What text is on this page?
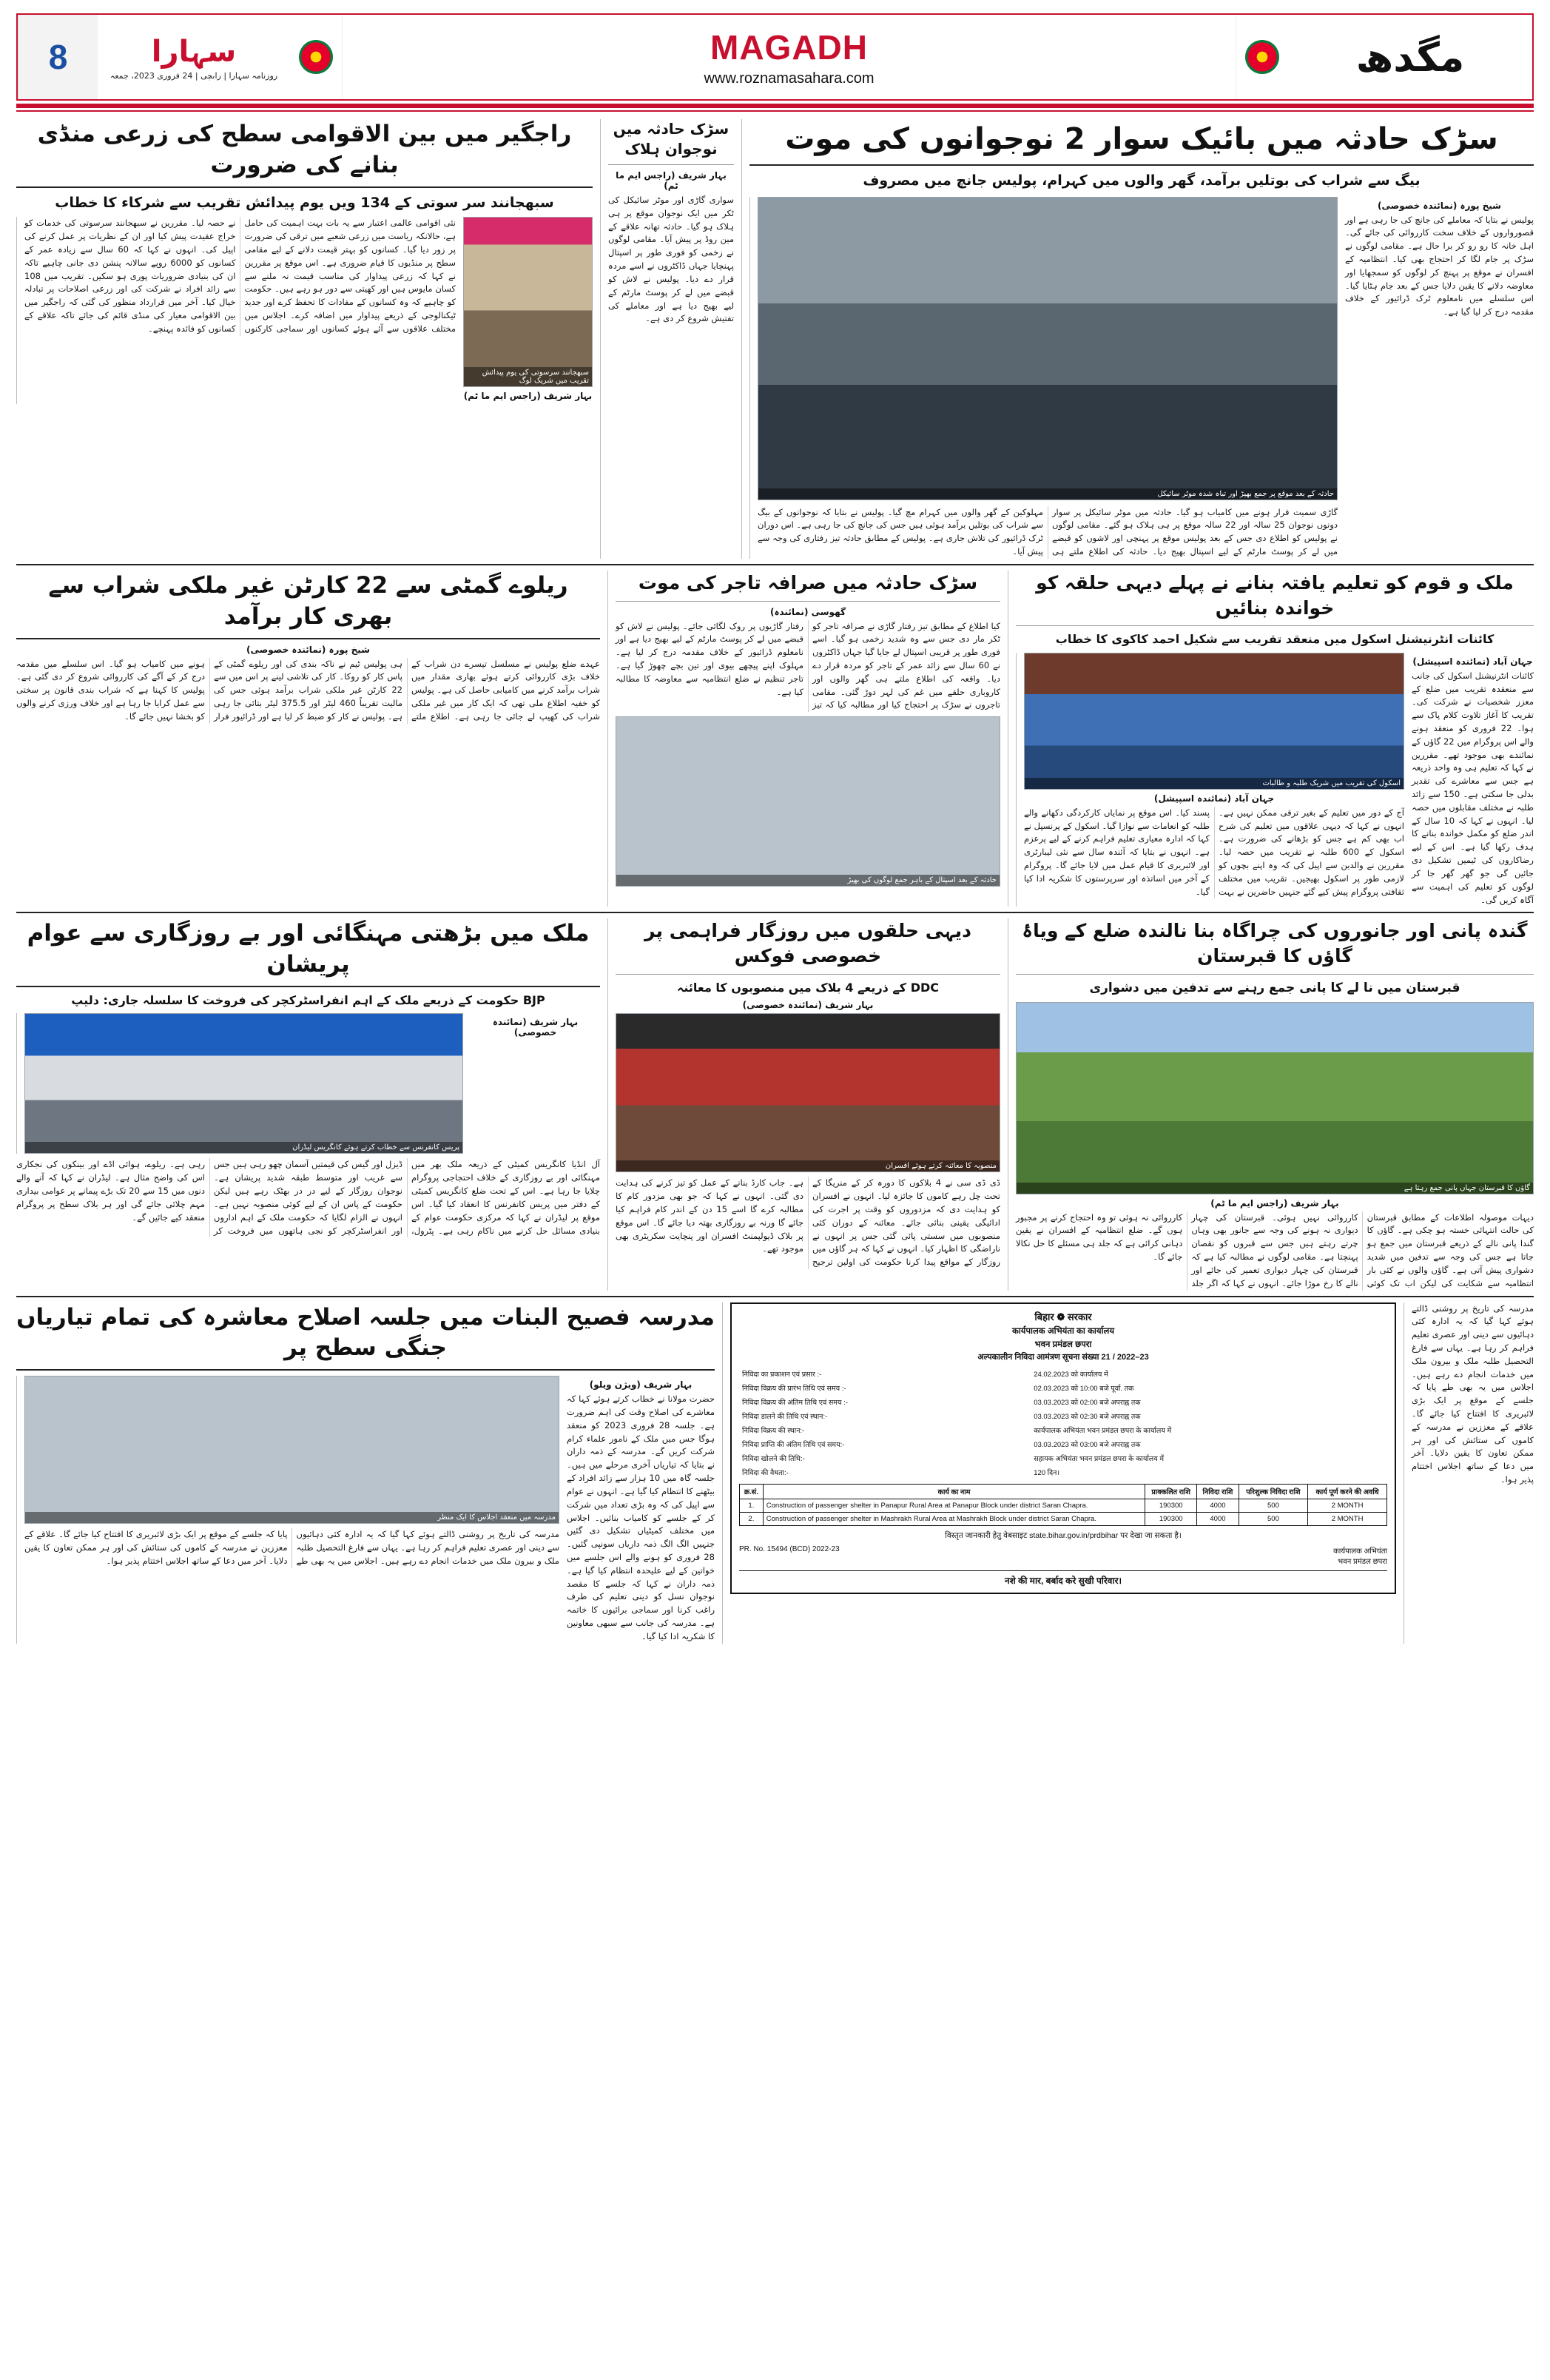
8	سہارا
روزنامہ سہارا | راںچی | 24 فروری 2023، جمعہ
MAGADH
www.roznamasahara.com	مگدھ
سڑک حادثہ میں بائیک سوار 2 نوجوانوں کی موت
بیگ سے شراب کی بوتلیں برآمد، گھر والوں میں کہرام، پولیس جانچ میں مصروف
شیخ پورہ (نمائندہ خصوصی)
پولیس نے بتایا کہ معاملے کی جانچ کی جا رہی ہے اور قصورواروں کے خلاف سخت کارروائی کی جائے گی۔ اہل خانہ کا رو رو کر برا حال ہے۔ مقامی لوگوں نے سڑک پر جام لگا کر احتجاج بھی کیا۔ انتظامیہ کے افسران نے موقع پر پہنچ کر لوگوں کو سمجھایا اور معاوضہ دلانے کا یقین دلایا جس کے بعد جام ہٹایا گیا۔ اس سلسلے میں نامعلوم ٹرک ڈرائیور کے خلاف مقدمہ درج کر لیا گیا ہے۔
حادثہ کے بعد موقع پر جمع بھیڑ اور تباہ شدہ موٹر سائیکل
گاڑی سمیت فرار ہونے میں کامیاب ہو گیا۔ حادثہ میں موٹر سائیکل پر سوار دونوں نوجوان 25 سالہ اور 22 سالہ موقع پر ہی ہلاک ہو گئے۔ مقامی لوگوں نے پولیس کو اطلاع دی جس کے بعد پولیس موقع پر پہنچی اور لاشوں کو قبضے میں لے کر پوسٹ مارٹم کے لیے اسپتال بھیج دیا۔ حادثہ کی اطلاع ملتے ہی مہلوکین کے گھر والوں میں کہرام مچ گیا۔ پولیس نے بتایا کہ نوجوانوں کے بیگ سے شراب کی بوتلیں برآمد ہوئی ہیں جس کی جانچ کی جا رہی ہے۔ اس دوران ٹرک ڈرائیور کی تلاش جاری ہے۔ پولیس کے مطابق حادثہ تیز رفتاری کی وجہ سے پیش آیا۔
سڑک حادثہ میں نوجوان ہلاک
بہار شریف (راجس ایم ما ٹم)
سواری گاڑی اور موٹر سائیکل کی ٹکر میں ایک نوجوان موقع پر ہی ہلاک ہو گیا۔ حادثہ تھانہ علاقے کے مین روڈ پر پیش آیا۔ مقامی لوگوں نے زخمی کو فوری طور پر اسپتال پہنچایا جہاں ڈاکٹروں نے اسے مردہ قرار دے دیا۔ پولیس نے لاش کو قبضے میں لے کر پوسٹ مارٹم کے لیے بھیج دیا ہے اور معاملے کی تفتیش شروع کر دی ہے۔
راجگیر میں بین الاقوامی سطح کی زرعی منڈی بنانے کی ضرورت
سبھجانند سر سوتی کے 134 ویں یوم پیدائش تقریب سے شرکاء کا خطاب
سبھجانند سرسوتی کی یوم پیدائش تقریب میں شریک لوگ
بہار شریف (راجس ایم ما ٹم)
نئی اقوامی عالمی اعتبار سے یہ بات بہت اہمیت کی حامل ہے، حالانکہ ریاست میں زرعی شعبے میں ترقی کی ضرورت پر زور دیا گیا۔ کسانوں کو بہتر قیمت دلانے کے لیے مقامی سطح پر منڈیوں کا قیام ضروری ہے۔ اس موقع پر مقررین نے کہا کہ زرعی پیداوار کی مناسب قیمت نہ ملنے سے کسان مایوس ہیں اور کھیتی سے دور ہو رہے ہیں۔ حکومت کو چاہیے کہ وہ کسانوں کے مفادات کا تحفظ کرے اور جدید ٹیکنالوجی کے ذریعے پیداوار میں اضافہ کرے۔ اجلاس میں مختلف علاقوں سے آئے ہوئے کسانوں اور سماجی کارکنوں نے حصہ لیا۔ مقررین نے سبھجانند سرسوتی کی خدمات کو خراج عقیدت پیش کیا اور ان کے نظریات پر عمل کرنے کی اپیل کی۔ انہوں نے کہا کہ 60 سال سے زیادہ عمر کے کسانوں کو 6000 روپے سالانہ پنشن دی جانی چاہیے تاکہ ان کی بنیادی ضروریات پوری ہو سکیں۔ تقریب میں 108 سے زائد افراد نے شرکت کی اور زرعی اصلاحات پر تبادلہ خیال کیا۔ آخر میں قرارداد منظور کی گئی کہ راجگیر میں بین الاقوامی معیار کی منڈی قائم کی جائے تاکہ علاقے کے کسانوں کو فائدہ پہنچے۔
ملک و قوم کو تعلیم یافتہ بنانے نے پہلے دیہی حلقہ کو خواندہ بنائیں
کائنات انٹرنیشنل اسکول میں منعقد تقریب سے شکیل احمد کاکوی کا خطاب
جہان آباد (نمائندہ اسپیشل)
کائنات انٹرنیشنل اسکول کی جانب سے منعقدہ تقریب میں ضلع کے معزز شخصیات نے شرکت کی۔ تقریب کا آغاز تلاوت کلام پاک سے ہوا۔ 22 فروری کو منعقد ہونے والے اس پروگرام میں 22 گاؤں کے نمائندے بھی موجود تھے۔ مقررین نے کہا کہ تعلیم ہی وہ واحد ذریعہ ہے جس سے معاشرے کی تقدیر بدلی جا سکتی ہے۔ 150 سے زائد طلبہ نے مختلف مقابلوں میں حصہ لیا۔ انہوں نے کہا کہ 10 سال کے اندر ضلع کو مکمل خواندہ بنانے کا ہدف رکھا گیا ہے۔ اس کے لیے رضاکاروں کی ٹیمیں تشکیل دی جائیں گی جو گھر گھر جا کر لوگوں کو تعلیم کی اہمیت سے آگاہ کریں گی۔
اسکول کی تقریب میں شریک طلبہ و طالبات
جہان آباد (نمائندہ اسپیشل)
آج کے دور میں تعلیم کے بغیر ترقی ممکن نہیں ہے۔ انہوں نے کہا کہ دیہی علاقوں میں تعلیم کی شرح اب بھی کم ہے جس کو بڑھانے کی ضرورت ہے۔ اسکول کے 600 طلبہ نے تقریب میں حصہ لیا۔ مقررین نے والدین سے اپیل کی کہ وہ اپنے بچوں کو لازمی طور پر اسکول بھیجیں۔ تقریب میں مختلف ثقافتی پروگرام پیش کیے گئے جنہیں حاضرین نے بہت پسند کیا۔ اس موقع پر نمایاں کارکردگی دکھانے والے طلبہ کو انعامات سے نوازا گیا۔ اسکول کے پرنسپل نے کہا کہ ادارہ معیاری تعلیم فراہم کرنے کے لیے پرعزم ہے۔ انہوں نے بتایا کہ آئندہ سال سے نئی لیبارٹری اور لائبریری کا قیام عمل میں لایا جائے گا۔ پروگرام کے آخر میں اساتذہ اور سرپرستوں کا شکریہ ادا کیا گیا۔
سڑک حادثہ میں صرافہ تاجر کی موت
گھوسی (نمائندہ)
کیا اطلاع کے مطابق تیز رفتار گاڑی نے صرافہ تاجر کو ٹکر مار دی جس سے وہ شدید زخمی ہو گیا۔ اسے فوری طور پر قریبی اسپتال لے جایا گیا جہاں ڈاکٹروں نے 60 سال سے زائد عمر کے تاجر کو مردہ قرار دے دیا۔ واقعہ کی اطلاع ملتے ہی گھر والوں اور کاروباری حلقے میں غم کی لہر دوڑ گئی۔ مقامی تاجروں نے سڑک پر احتجاج کیا اور مطالبہ کیا کہ تیز رفتار گاڑیوں پر روک لگائی جائے۔ پولیس نے لاش کو قبضے میں لے کر پوسٹ مارٹم کے لیے بھیج دیا ہے اور نامعلوم ڈرائیور کے خلاف مقدمہ درج کر لیا ہے۔ مہلوک اپنے پیچھے بیوی اور تین بچے چھوڑ گیا ہے۔ تاجر تنظیم نے ضلع انتظامیہ سے معاوضہ کا مطالبہ کیا ہے۔
حادثہ کے بعد اسپتال کے باہر جمع لوگوں کی بھیڑ
ریلوے گمٹی سے 22 کارٹن غیر ملکی شراب سے بھری کار برآمد
شیخ پورہ (نمائندہ خصوصی)
عہدے ضلع پولیس نے مسلسل تیسرے دن شراب کے خلاف بڑی کارروائی کرتے ہوئے بھاری مقدار میں شراب برآمد کرنے میں کامیابی حاصل کی ہے۔ پولیس کو خفیہ اطلاع ملی تھی کہ ایک کار میں غیر ملکی شراب کی کھیپ لے جائی جا رہی ہے۔ اطلاع ملتے ہی پولیس ٹیم نے ناکہ بندی کی اور ریلوے گمٹی کے پاس کار کو روکا۔ کار کی تلاشی لینے پر اس میں سے 22 کارٹن غیر ملکی شراب برآمد ہوئی جس کی مالیت تقریباً 460 لیٹر اور 375.5 لیٹر بتائی جا رہی ہے۔ پولیس نے کار کو ضبط کر لیا ہے اور ڈرائیور فرار ہونے میں کامیاب ہو گیا۔ اس سلسلے میں مقدمہ درج کر کے آگے کی کارروائی شروع کر دی گئی ہے۔ پولیس کا کہنا ہے کہ شراب بندی قانون پر سختی سے عمل کرایا جا رہا ہے اور خلاف ورزی کرنے والوں کو بخشا نہیں جائے گا۔
گندہ پانی اور جانوروں کی چراگاہ بنا نالندہ ضلع کے ویاۂ گاؤں کا قبرستان
قبرستان میں نا لے کا پانی جمع رہنے سے تدفین میں دشواری
گاؤں کا قبرستان جہاں پانی جمع رہتا ہے
بہار شریف (راجس ایم ما ٹم)
دیہات موصولہ اطلاعات کے مطابق قبرستان کی حالت انتہائی خستہ ہو چکی ہے۔ گاؤں کا گندا پانی نالے کے ذریعے قبرستان میں جمع ہو جاتا ہے جس کی وجہ سے تدفین میں شدید دشواری پیش آتی ہے۔ گاؤں والوں نے کئی بار انتظامیہ سے شکایت کی لیکن اب تک کوئی کارروائی نہیں ہوئی۔ قبرستان کی چہار دیواری نہ ہونے کی وجہ سے جانور بھی وہاں چرتے رہتے ہیں جس سے قبروں کو نقصان پہنچتا ہے۔ مقامی لوگوں نے مطالبہ کیا ہے کہ قبرستان کی چہار دیواری تعمیر کی جائے اور نالے کا رخ موڑا جائے۔ انہوں نے کہا کہ اگر جلد کارروائی نہ ہوئی تو وہ احتجاج کرنے پر مجبور ہوں گے۔ ضلع انتظامیہ کے افسران نے یقین دہانی کرائی ہے کہ جلد ہی مسئلے کا حل نکالا جائے گا۔
دیہی حلقوں میں روزگار فراہمی پر خصوصی فوکس
DDC کے ذریعے 4 بلاک میں منصوبوں کا معائنہ
بہار شریف (نمائندہ خصوصی)
منصوبہ کا معائنہ کرتے ہوئے افسران
ڈی ڈی سی نے 4 بلاکوں کا دورہ کر کے منریگا کے تحت چل رہے کاموں کا جائزہ لیا۔ انہوں نے افسران کو ہدایت دی کہ مزدوروں کو وقت پر اجرت کی ادائیگی یقینی بنائی جائے۔ معائنہ کے دوران کئی منصوبوں میں سستی پائی گئی جس پر انہوں نے ناراضگی کا اظہار کیا۔ انہوں نے کہا کہ ہر گاؤں میں روزگار کے مواقع پیدا کرنا حکومت کی اولین ترجیح ہے۔ جاب کارڈ بنانے کے عمل کو تیز کرنے کی ہدایت دی گئی۔ انہوں نے کہا کہ جو بھی مزدور کام کا مطالبہ کرے گا اسے 15 دن کے اندر کام فراہم کیا جائے گا ورنہ بے روزگاری بھتہ دیا جائے گا۔ اس موقع پر بلاک ڈیولپمنٹ افسران اور پنچایت سکریٹری بھی موجود تھے۔
ملک میں بڑھتی مہنگائی اور بے روزگاری سے عوام پریشان
BJP حکومت کے ذریعے ملک کے اہم انفراسٹرکچر کی فروخت کا سلسلہ جاری: دلیپ
بہار شریف (نمائندہ خصوصی)
پریس کانفرنس سے خطاب کرتے ہوئے کانگریس لیڈران
آل انڈیا کانگریس کمیٹی کے ذریعہ ملک بھر میں مہنگائی اور بے روزگاری کے خلاف احتجاجی پروگرام چلایا جا رہا ہے۔ اس کے تحت ضلع کانگریس کمیٹی کے دفتر میں پریس کانفرنس کا انعقاد کیا گیا۔ اس موقع پر لیڈران نے کہا کہ مرکزی حکومت عوام کے بنیادی مسائل حل کرنے میں ناکام رہی ہے۔ پٹرول، ڈیزل اور گیس کی قیمتیں آسمان چھو رہی ہیں جس سے غریب اور متوسط طبقہ شدید پریشان ہے۔ نوجوان روزگار کے لیے در در بھٹک رہے ہیں لیکن حکومت کے پاس ان کے لیے کوئی منصوبہ نہیں ہے۔ انہوں نے الزام لگایا کہ حکومت ملک کے اہم اداروں اور انفراسٹرکچر کو نجی ہاتھوں میں فروخت کر رہی ہے۔ ریلوے، ہوائی اڈے اور بینکوں کی نجکاری اس کی واضح مثال ہے۔ لیڈران نے کہا کہ آنے والے دنوں میں 15 سے 20 تک بڑے پیمانے پر عوامی بیداری مہم چلائی جائے گی اور ہر بلاک سطح پر پروگرام منعقد کیے جائیں گے۔
مدرسہ کی تاریخ پر روشنی ڈالتے ہوئے کہا گیا کہ یہ ادارہ کئی دہائیوں سے دینی اور عصری تعلیم فراہم کر رہا ہے۔ یہاں سے فارغ التحصیل طلبہ ملک و بیرون ملک میں خدمات انجام دے رہے ہیں۔ اجلاس میں یہ بھی طے پایا کہ جلسے کے موقع پر ایک بڑی لائبریری کا افتتاح کیا جائے گا۔ علاقے کے معززین نے مدرسہ کے کاموں کی ستائش کی اور ہر ممکن تعاون کا یقین دلایا۔ آخر میں دعا کے ساتھ اجلاس اختتام پذیر ہوا۔
बिहार ❁ सरकार
कार्यपालक अभियंता का कार्यालय
भवन प्रमंडल छपरा
अल्पकालीन निविदा आमंत्रण सूचना संख्या 21 / 2022–23
निविदा का प्रकाशन एवं प्रसार :-	24.02.2023 को कार्यालय में
निविदा विक्रय की प्रारंभ तिथि एवं समय :-	02.03.2023 को 10:00 बजे पूर्वा. तक
निविदा विक्रय की अंतिम तिथि एवं समय :-	03.03.2023 को 02:00 बजे अपराह्न तक
निविदा डालने की तिथि एवं स्थान:-	03.03.2023 को 02:30 बजे अपराह्न तक
निविदा विक्रय की स्थान:-	कार्यपालक अभियंता भवन प्रमंडल छपरा के कार्यालय में
निविदा प्राप्ति की अंतिम तिथि एवं समय:-	03.03.2023 को 03:00 बजे अपराह्न तक
निविदा खोलने की तिथि:-	सहायक अभियंता भवन प्रमंडल छपरा के कार्यालय में
निविदा की वैधता:-	120 दिन।
क्र.सं.	कार्य का नाम	प्राक्कलित राशि	निविदा राशि	परिशुल्क निविदा राशि	कार्य पूर्ण करने की अवधि
1.	Construction of passenger shelter in Panapur Rural Area at Panapur Block under district Saran Chapra.	190300	4000	500	2 MONTH
2.	Construction of passenger shelter in Mashrakh Rural Area at Mashrakh Block under district Saran Chapra.	190300	4000	500	2 MONTH
विस्तृत जानकारी हेतु वेबसाइट state.bihar.gov.in/prdbihar पर देखा जा सकता है।
PR. No. 15494 (BCD) 2022-23	कार्यपालक अभियंता
भवन प्रमंडल छपरा
नशे की मार, बर्बाद करे सुखी परिवार।
مدرسہ فصیح البنات میں جلسہ اصلاح معاشرہ کی تمام تیاریاں جنگی سطح پر
بہار شریف (ویژن ویلو)
حضرت مولانا نے خطاب کرتے ہوئے کہا کہ معاشرے کی اصلاح وقت کی اہم ضرورت ہے۔ جلسہ 28 فروری 2023 کو منعقد ہوگا جس میں ملک کے نامور علماء کرام شرکت کریں گے۔ مدرسہ کے ذمہ داران نے بتایا کہ تیاریاں آخری مرحلے میں ہیں۔ جلسہ گاہ میں 10 ہزار سے زائد افراد کے بیٹھنے کا انتظام کیا گیا ہے۔ انہوں نے عوام سے اپیل کی کہ وہ بڑی تعداد میں شرکت کر کے جلسے کو کامیاب بنائیں۔ اجلاس میں مختلف کمیٹیاں تشکیل دی گئیں جنہیں الگ الگ ذمہ داریاں سونپی گئیں۔ 28 فروری کو ہونے والے اس جلسے میں خواتین کے لیے علیحدہ انتظام کیا گیا ہے۔ ذمہ داران نے کہا کہ جلسے کا مقصد نوجوان نسل کو دینی تعلیم کی طرف راغب کرنا اور سماجی برائیوں کا خاتمہ ہے۔ مدرسہ کی جانب سے سبھی معاونین کا شکریہ ادا کیا گیا۔
مدرسہ میں منعقد اجلاس کا ایک منظر
مدرسہ کی تاریخ پر روشنی ڈالتے ہوئے کہا گیا کہ یہ ادارہ کئی دہائیوں سے دینی اور عصری تعلیم فراہم کر رہا ہے۔ یہاں سے فارغ التحصیل طلبہ ملک و بیرون ملک میں خدمات انجام دے رہے ہیں۔ اجلاس میں یہ بھی طے پایا کہ جلسے کے موقع پر ایک بڑی لائبریری کا افتتاح کیا جائے گا۔ علاقے کے معززین نے مدرسہ کے کاموں کی ستائش کی اور ہر ممکن تعاون کا یقین دلایا۔ آخر میں دعا کے ساتھ اجلاس اختتام پذیر ہوا۔
